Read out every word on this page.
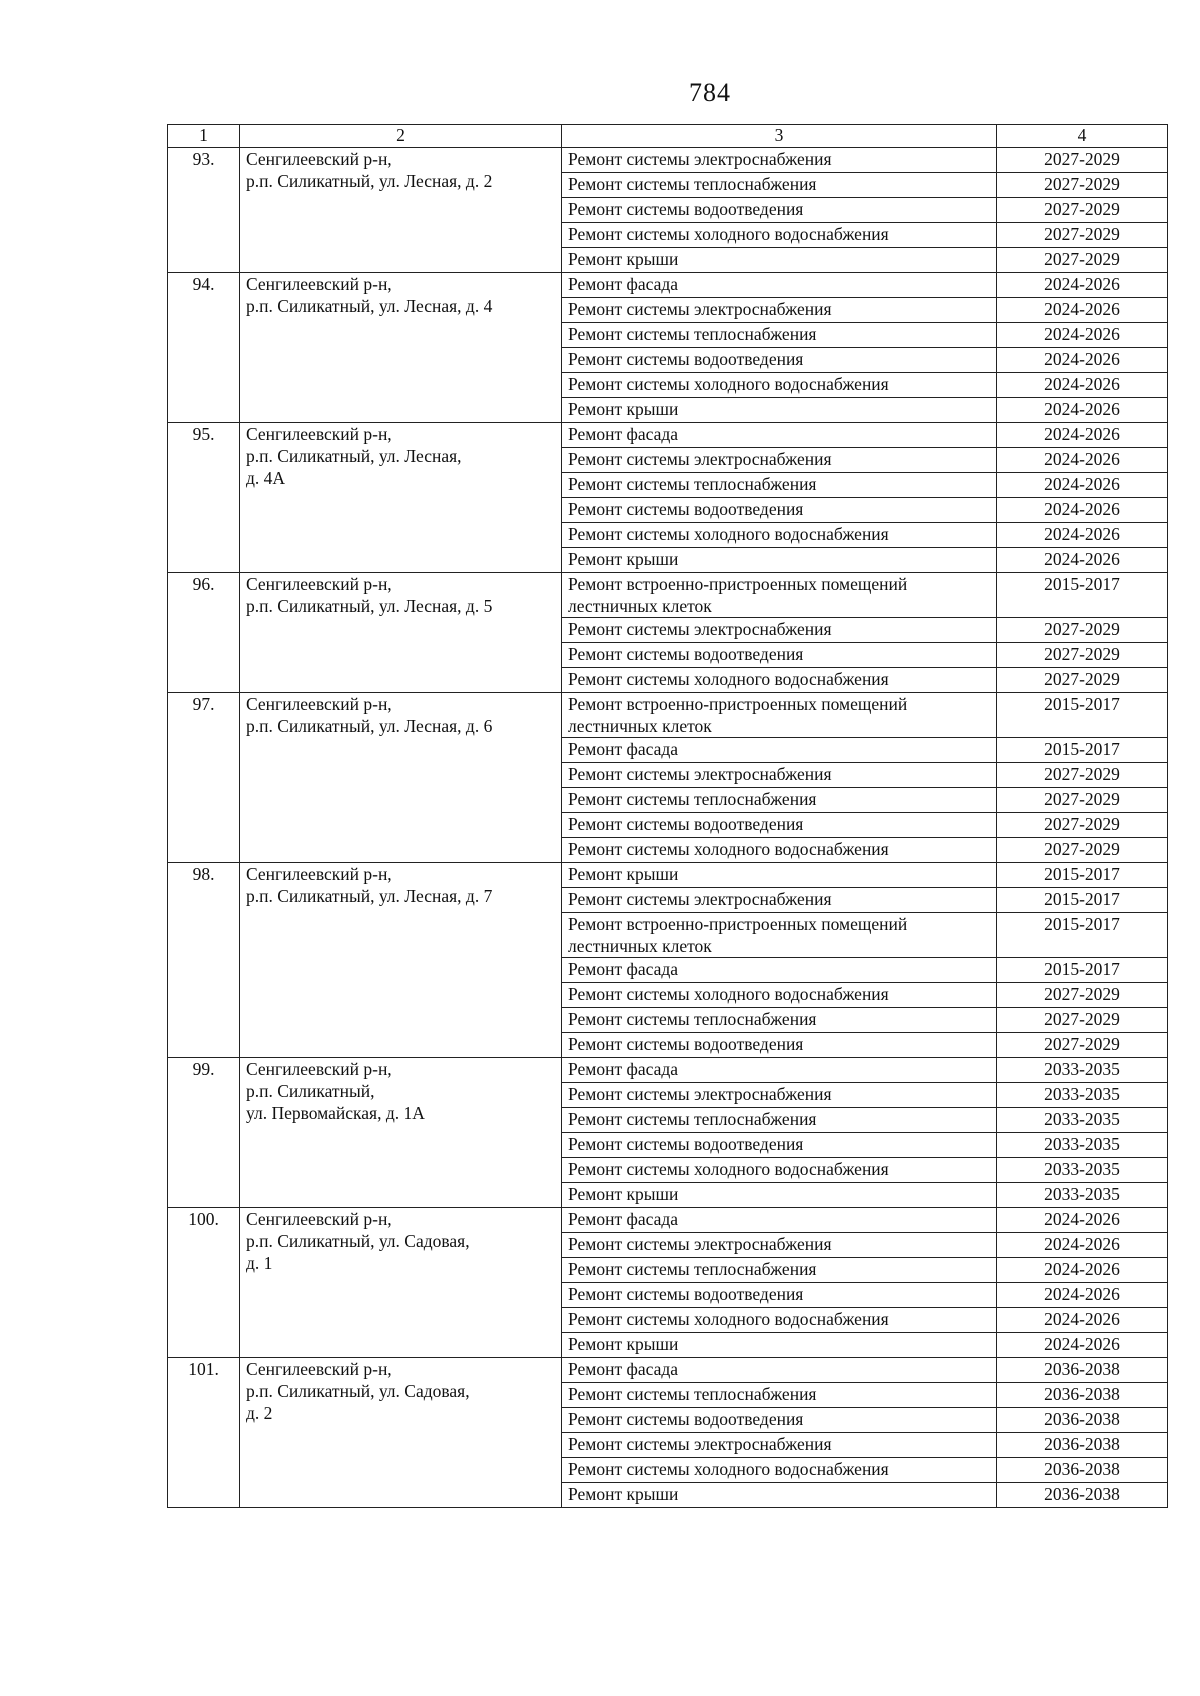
784
1	2	3	4
93.	Сенгилеевский р-н,
р.п. Силикатный, ул. Лесная, д. 2	Ремонт системы электроснабжения	2027-2029
		Ремонт системы теплоснабжения	2027-2029
		Ремонт системы водоотведения	2027-2029
		Ремонт системы холодного водоснабжения	2027-2029
		Ремонт крыши	2027-2029
94.	Сенгилеевский р-н,
р.п. Силикатный, ул. Лесная, д. 4	Ремонт фасада	2024-2026
		Ремонт системы электроснабжения	2024-2026
		Ремонт системы теплоснабжения	2024-2026
		Ремонт системы водоотведения	2024-2026
		Ремонт системы холодного водоснабжения	2024-2026
		Ремонт крыши	2024-2026
95.	Сенгилеевский р-н,
р.п. Силикатный, ул. Лесная,
д. 4А	Ремонт фасада	2024-2026
		Ремонт системы электроснабжения	2024-2026
		Ремонт системы теплоснабжения	2024-2026
		Ремонт системы водоотведения	2024-2026
		Ремонт системы холодного водоснабжения	2024-2026
		Ремонт крыши	2024-2026
96.	Сенгилеевский р-н,
р.п. Силикатный, ул. Лесная, д. 5	Ремонт встроенно-пристроенных помещений лестничных клеток	2015-2017
		Ремонт системы электроснабжения	2027-2029
		Ремонт системы водоотведения	2027-2029
		Ремонт системы холодного водоснабжения	2027-2029
97.	Сенгилеевский р-н,
р.п. Силикатный, ул. Лесная, д. 6	Ремонт встроенно-пристроенных помещений лестничных клеток	2015-2017
		Ремонт фасада	2015-2017
		Ремонт системы электроснабжения	2027-2029
		Ремонт системы теплоснабжения	2027-2029
		Ремонт системы водоотведения	2027-2029
		Ремонт системы холодного водоснабжения	2027-2029
98.	Сенгилеевский р-н,
р.п. Силикатный, ул. Лесная, д. 7	Ремонт крыши	2015-2017
		Ремонт системы электроснабжения	2015-2017
		Ремонт встроенно-пристроенных помещений лестничных клеток	2015-2017
		Ремонт фасада	2015-2017
		Ремонт системы холодного водоснабжения	2027-2029
		Ремонт системы теплоснабжения	2027-2029
		Ремонт системы водоотведения	2027-2029
99.	Сенгилеевский р-н,
р.п. Силикатный,
ул. Первомайская, д. 1А	Ремонт фасада	2033-2035
		Ремонт системы электроснабжения	2033-2035
		Ремонт системы теплоснабжения	2033-2035
		Ремонт системы водоотведения	2033-2035
		Ремонт системы холодного водоснабжения	2033-2035
		Ремонт крыши	2033-2035
100.	Сенгилеевский р-н,
р.п. Силикатный, ул. Садовая,
д. 1	Ремонт фасада	2024-2026
		Ремонт системы электроснабжения	2024-2026
		Ремонт системы теплоснабжения	2024-2026
		Ремонт системы водоотведения	2024-2026
		Ремонт системы холодного водоснабжения	2024-2026
		Ремонт крыши	2024-2026
101.	Сенгилеевский р-н,
р.п. Силикатный, ул. Садовая,
д. 2	Ремонт фасада	2036-2038
		Ремонт системы теплоснабжения	2036-2038
		Ремонт системы водоотведения	2036-2038
		Ремонт системы электроснабжения	2036-2038
		Ремонт системы холодного водоснабжения	2036-2038
		Ремонт крыши	2036-2038
